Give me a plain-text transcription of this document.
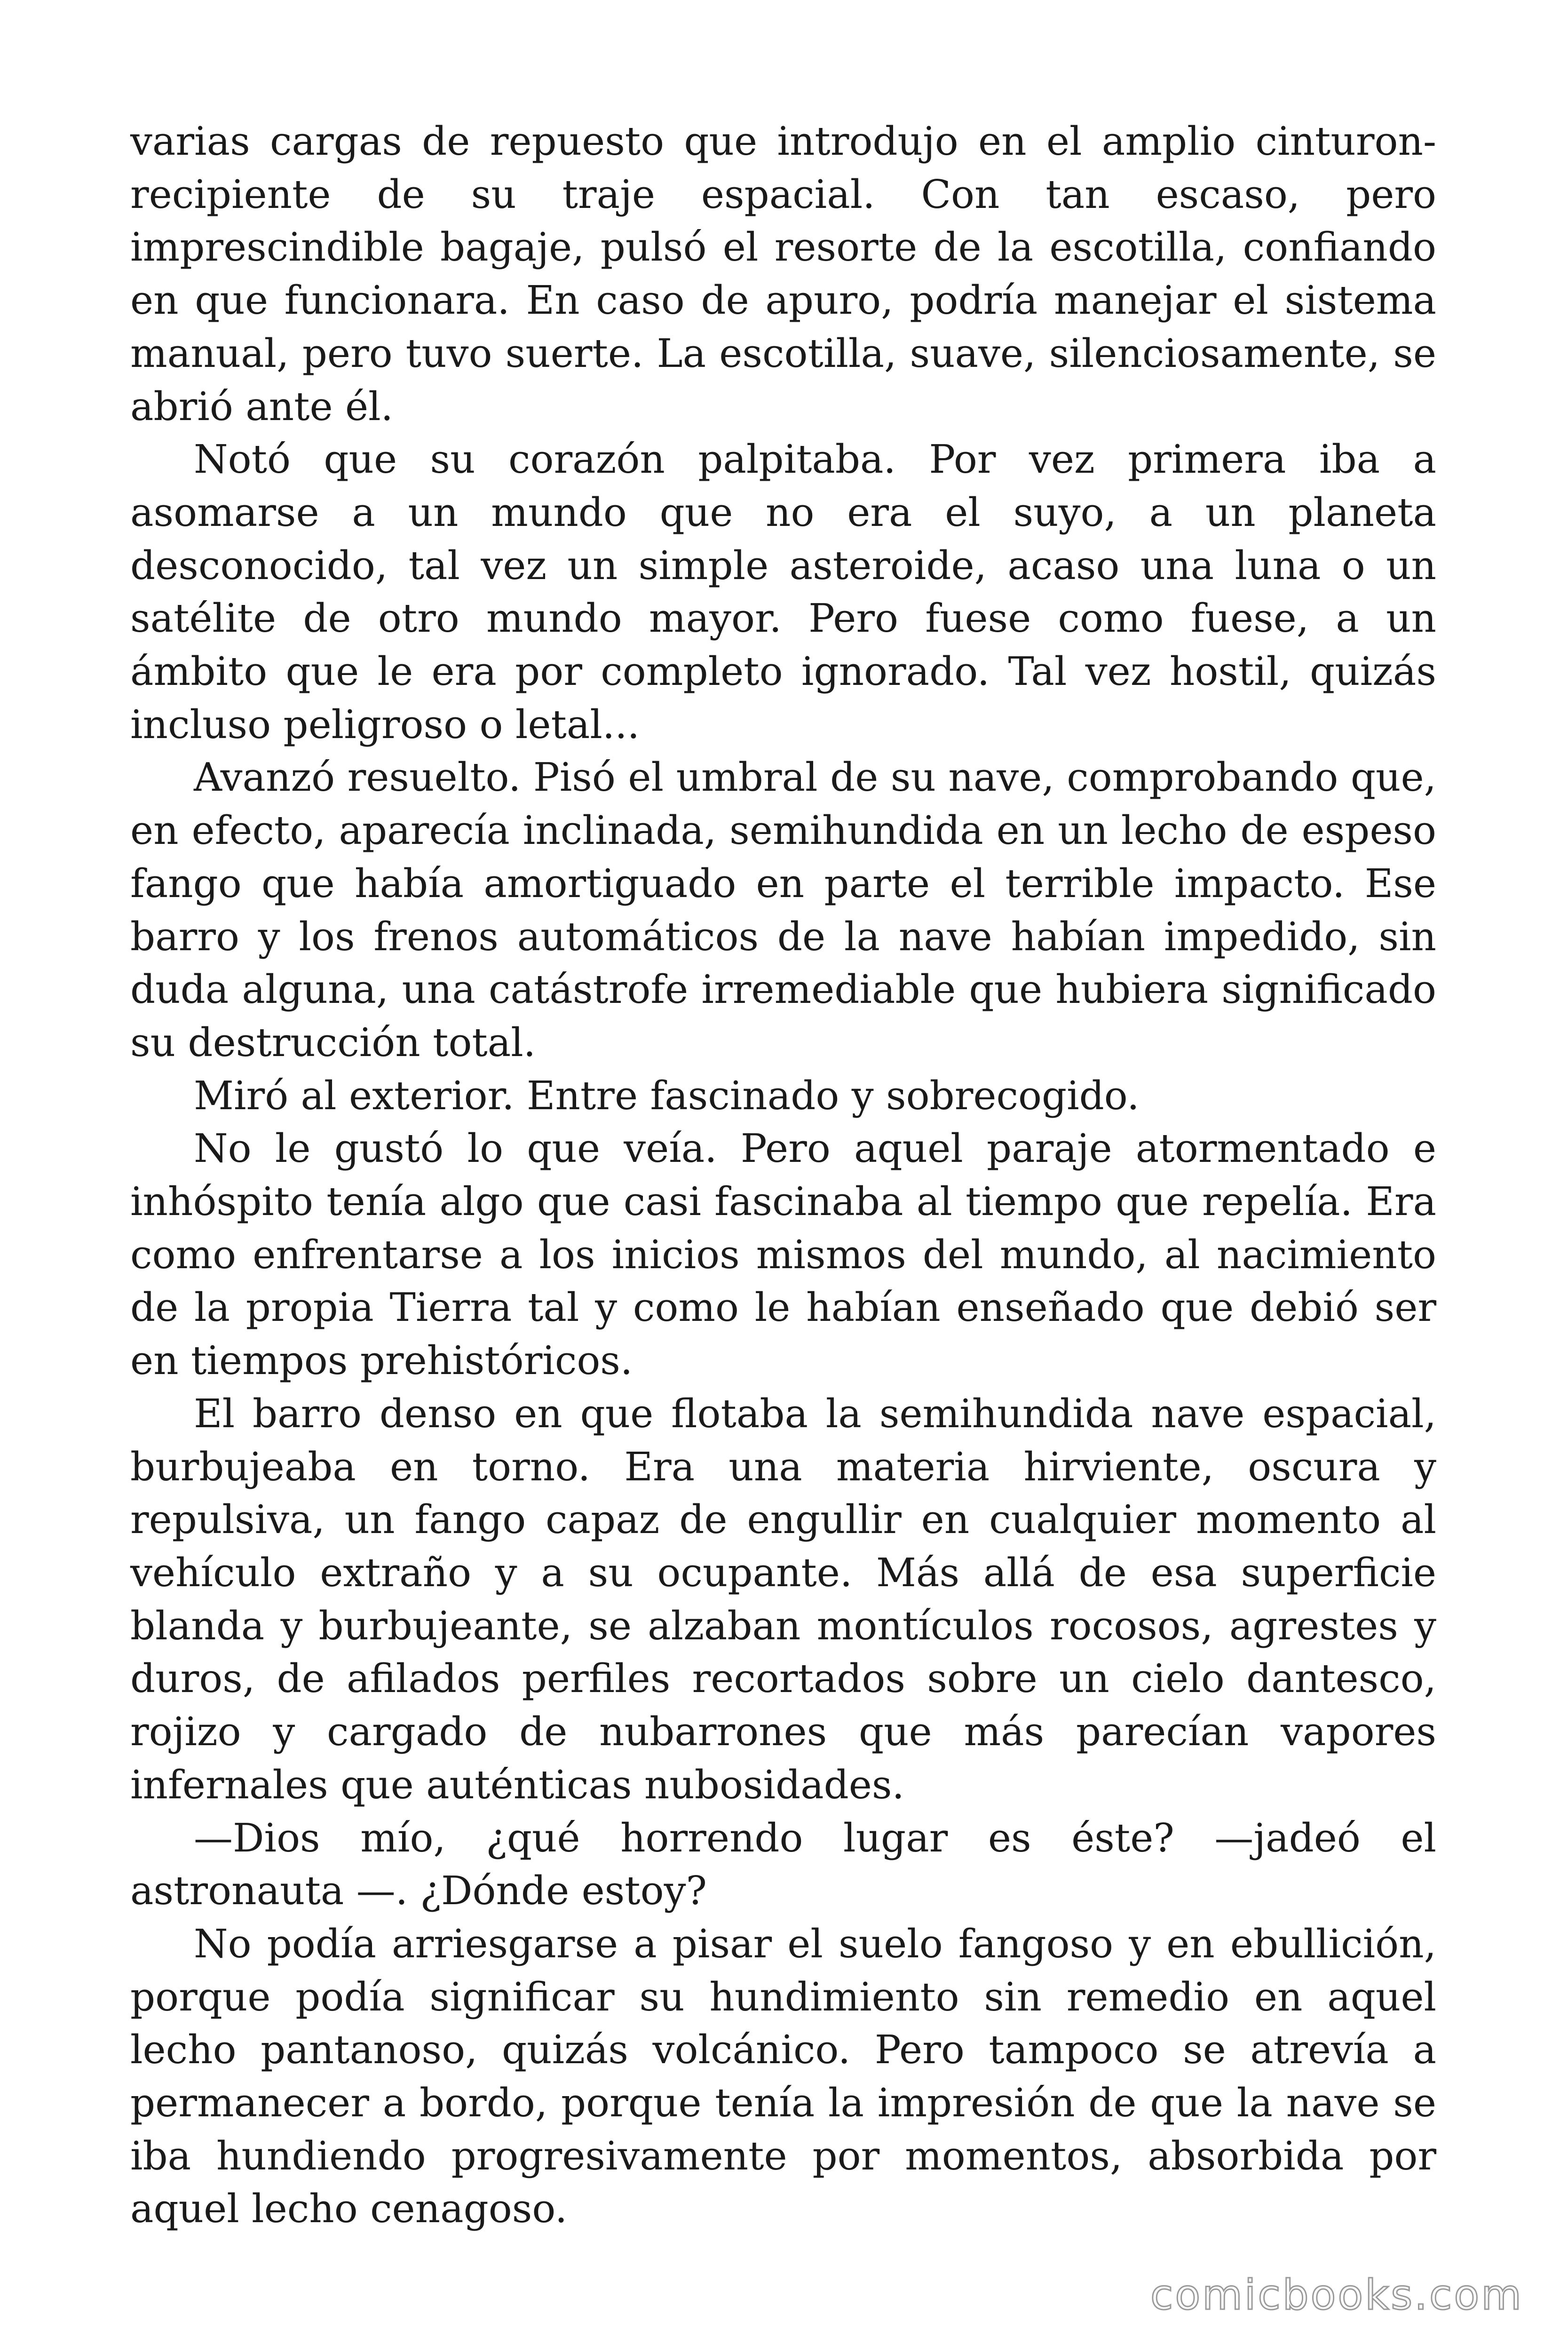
varias cargas de repuesto que introdujo en el amplio cinturon-recipiente de su traje espacial. Con tan escaso, pero imprescindible bagaje, pulsó el resorte de la escotilla, confiando en que funcionara. En caso de apuro, podría manejar el sistema manual, pero tuvo suerte. La escotilla, suave, silenciosamente, se abrió ante él.

Notó que su corazón palpitaba. Por vez primera iba a asomarse a un mundo que no era el suyo, a un planeta desconocido, tal vez un simple asteroide, acaso una luna o un satélite de otro mundo mayor. Pero fuese como fuese, a un ámbito que le era por completo ignorado. Tal vez hostil, quizás incluso peligroso o letal...

Avanzó resuelto. Pisó el umbral de su nave, comprobando que, en efecto, aparecía inclinada, semihundida en un lecho de espeso fango que había amortiguado en parte el terrible impacto. Ese barro y los frenos automáticos de la nave habían impedido, sin duda alguna, una catástrofe irremediable que hubiera significado su destrucción total.

Miró al exterior. Entre fascinado y sobrecogido.

No le gustó lo que veía. Pero aquel paraje atormentado e inhóspito tenía algo que casi fascinaba al tiempo que repelía. Era como enfrentarse a los inicios mismos del mundo, al nacimiento de la propia Tierra tal y como le habían enseñado que debió ser en tiempos prehistóricos.

El barro denso en que flotaba la semihundida nave espacial, burbujeaba en torno. Era una materia hirviente, oscura y repulsiva, un fango capaz de engullir en cualquier momento al vehículo extraño y a su ocupante. Más allá de esa superficie blanda y burbujeante, se alzaban montículos rocosos, agrestes y duros, de afilados perfiles recortados sobre un cielo dantesco, rojizo y cargado de nubarrones que más parecían vapores infernales que auténticas nubosidades.

—Dios mío, ¿qué horrendo lugar es éste? —jadeó el astronauta —. ¿Dónde estoy?

No podía arriesgarse a pisar el suelo fangoso y en ebullición, porque podía significar su hundimiento sin remedio en aquel lecho pantanoso, quizás volcánico. Pero tampoco se atrevía a permanecer a bordo, porque tenía la impresión de que la nave se iba hundiendo progresivamente por momentos, absorbida por aquel lecho cenagoso.

comicbooks.com
